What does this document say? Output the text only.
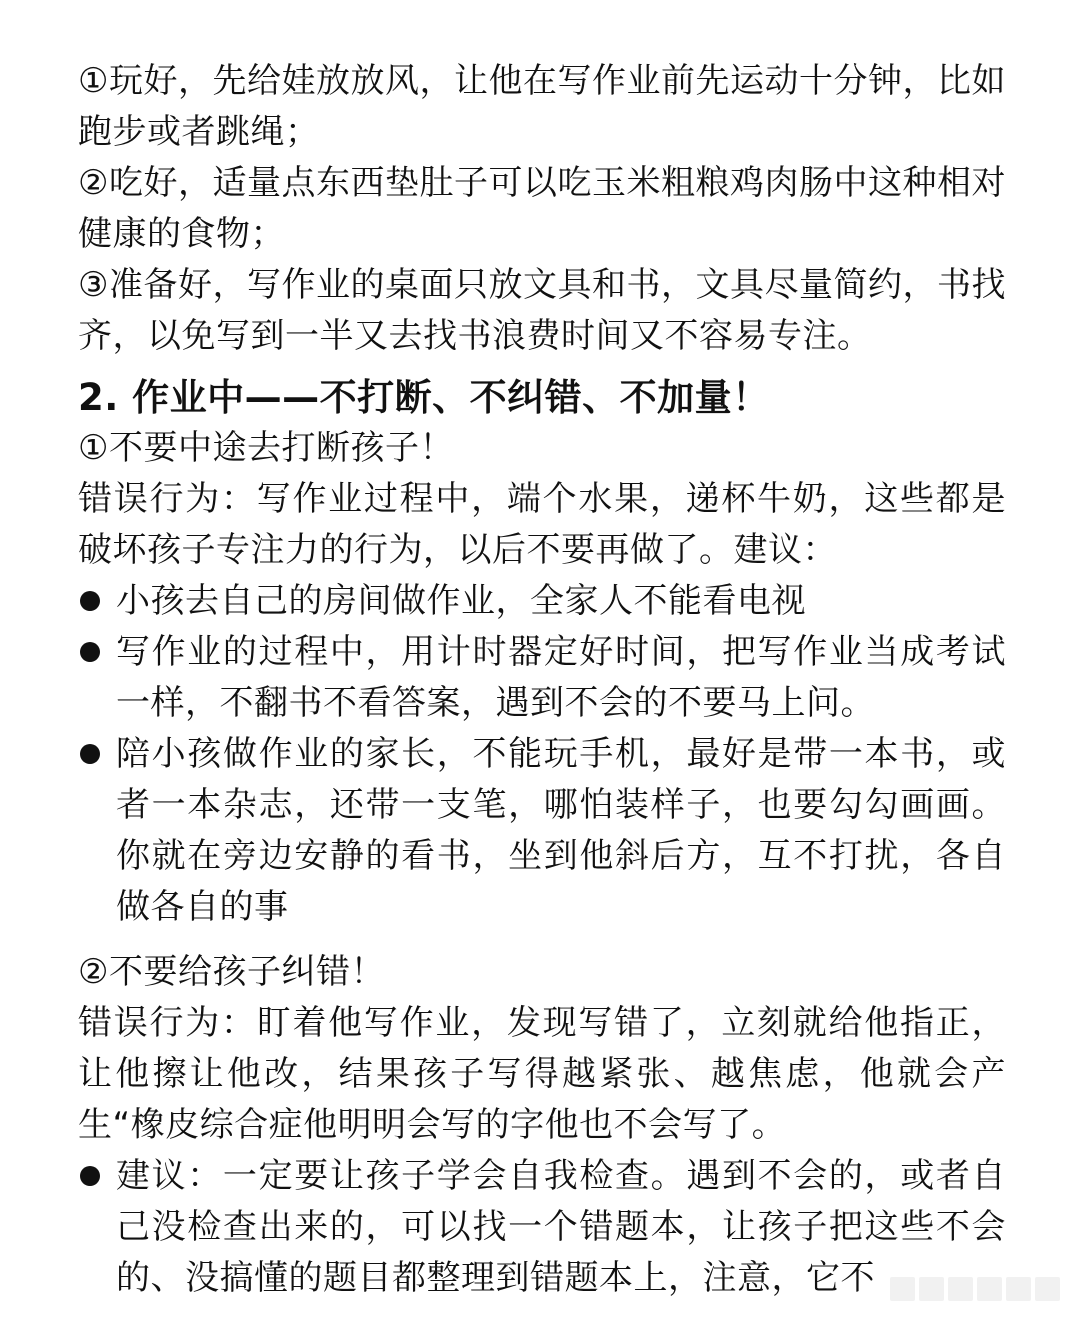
①玩好，先给娃放放风，让他在写作业前先运动十分钟，比如跑步或者跳绳；

②吃好，适量点东西垫肚子可以吃玉米粗粮鸡肉肠中这种相对健康的食物；

③准备好，写作业的桌面只放文具和书，文具尽量简约，书找齐，以免写到一半又去找书浪费时间又不容易专注。

2. 作业中——不打断、不纠错、不加量！

①不要中途去打断孩子！

错误行为：写作业过程中，端个水果，递杯牛奶，这些都是破坏孩子专注力的行为，以后不要再做了。建议：

小孩去自己的房间做作业，全家人不能看电视
写作业的过程中，用计时器定好时间，把写作业当成考试一样，不翻书不看答案，遇到不会的不要马上问。
陪小孩做作业的家长，不能玩手机，最好是带一本书，或者一本杂志，还带一支笔，哪怕装样子，也要勾勾画画。你就在旁边安静的看书，坐到他斜后方，互不打扰，各自做各自的事

②不要给孩子纠错！

错误行为：盯着他写作业，发现写错了，立刻就给他指正，让他擦让他改，结果孩子写得越紧张、越焦虑，他就会产生“橡皮综合症他明明会写的字他也不会写了。

建议：一定要让孩子学会自我检查。遇到不会的，或者自己没检查出来的，可以找一个错题本，让孩子把这些不会的、没搞懂的题目都整理到错题本上，注意，它不
